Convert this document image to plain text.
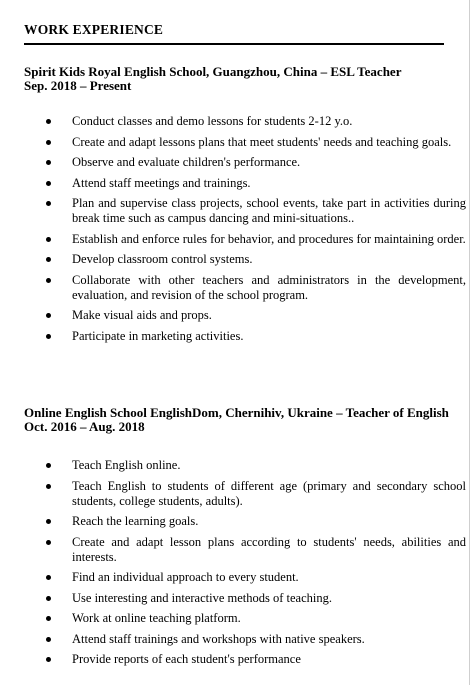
WORK EXPERIENCE
Spirit Kids Royal English School, Guangzhou, China – ESL Teacher
Sep. 2018 – Present
Conduct classes and demo lessons for students 2-12 y.o.
Create and adapt lessons plans that meet students' needs and teaching goals.
Observe and evaluate children's performance.
Attend staff meetings and trainings.
Plan and supervise class projects, school events, take part in activities during break time such as campus dancing and mini-situations..
Establish and enforce rules for behavior, and procedures for maintaining order.
Develop classroom control systems.
Collaborate with other teachers and administrators in the development, evaluation, and revision of the school program.
Make visual aids and props.
Participate in marketing activities.
Online English School EnglishDom, Chernihiv, Ukraine – Teacher of English
Oct. 2016 – Aug. 2018
Teach English online.
Teach English to students of different age (primary and secondary school students, college students, adults).
Reach the learning goals.
Create and adapt lesson plans according to students' needs, abilities and interests.
Find an individual approach to every student.
Use interesting and interactive methods of teaching.
Work at online teaching platform.
Attend staff trainings and workshops with native speakers.
Provide reports of each student's performance
